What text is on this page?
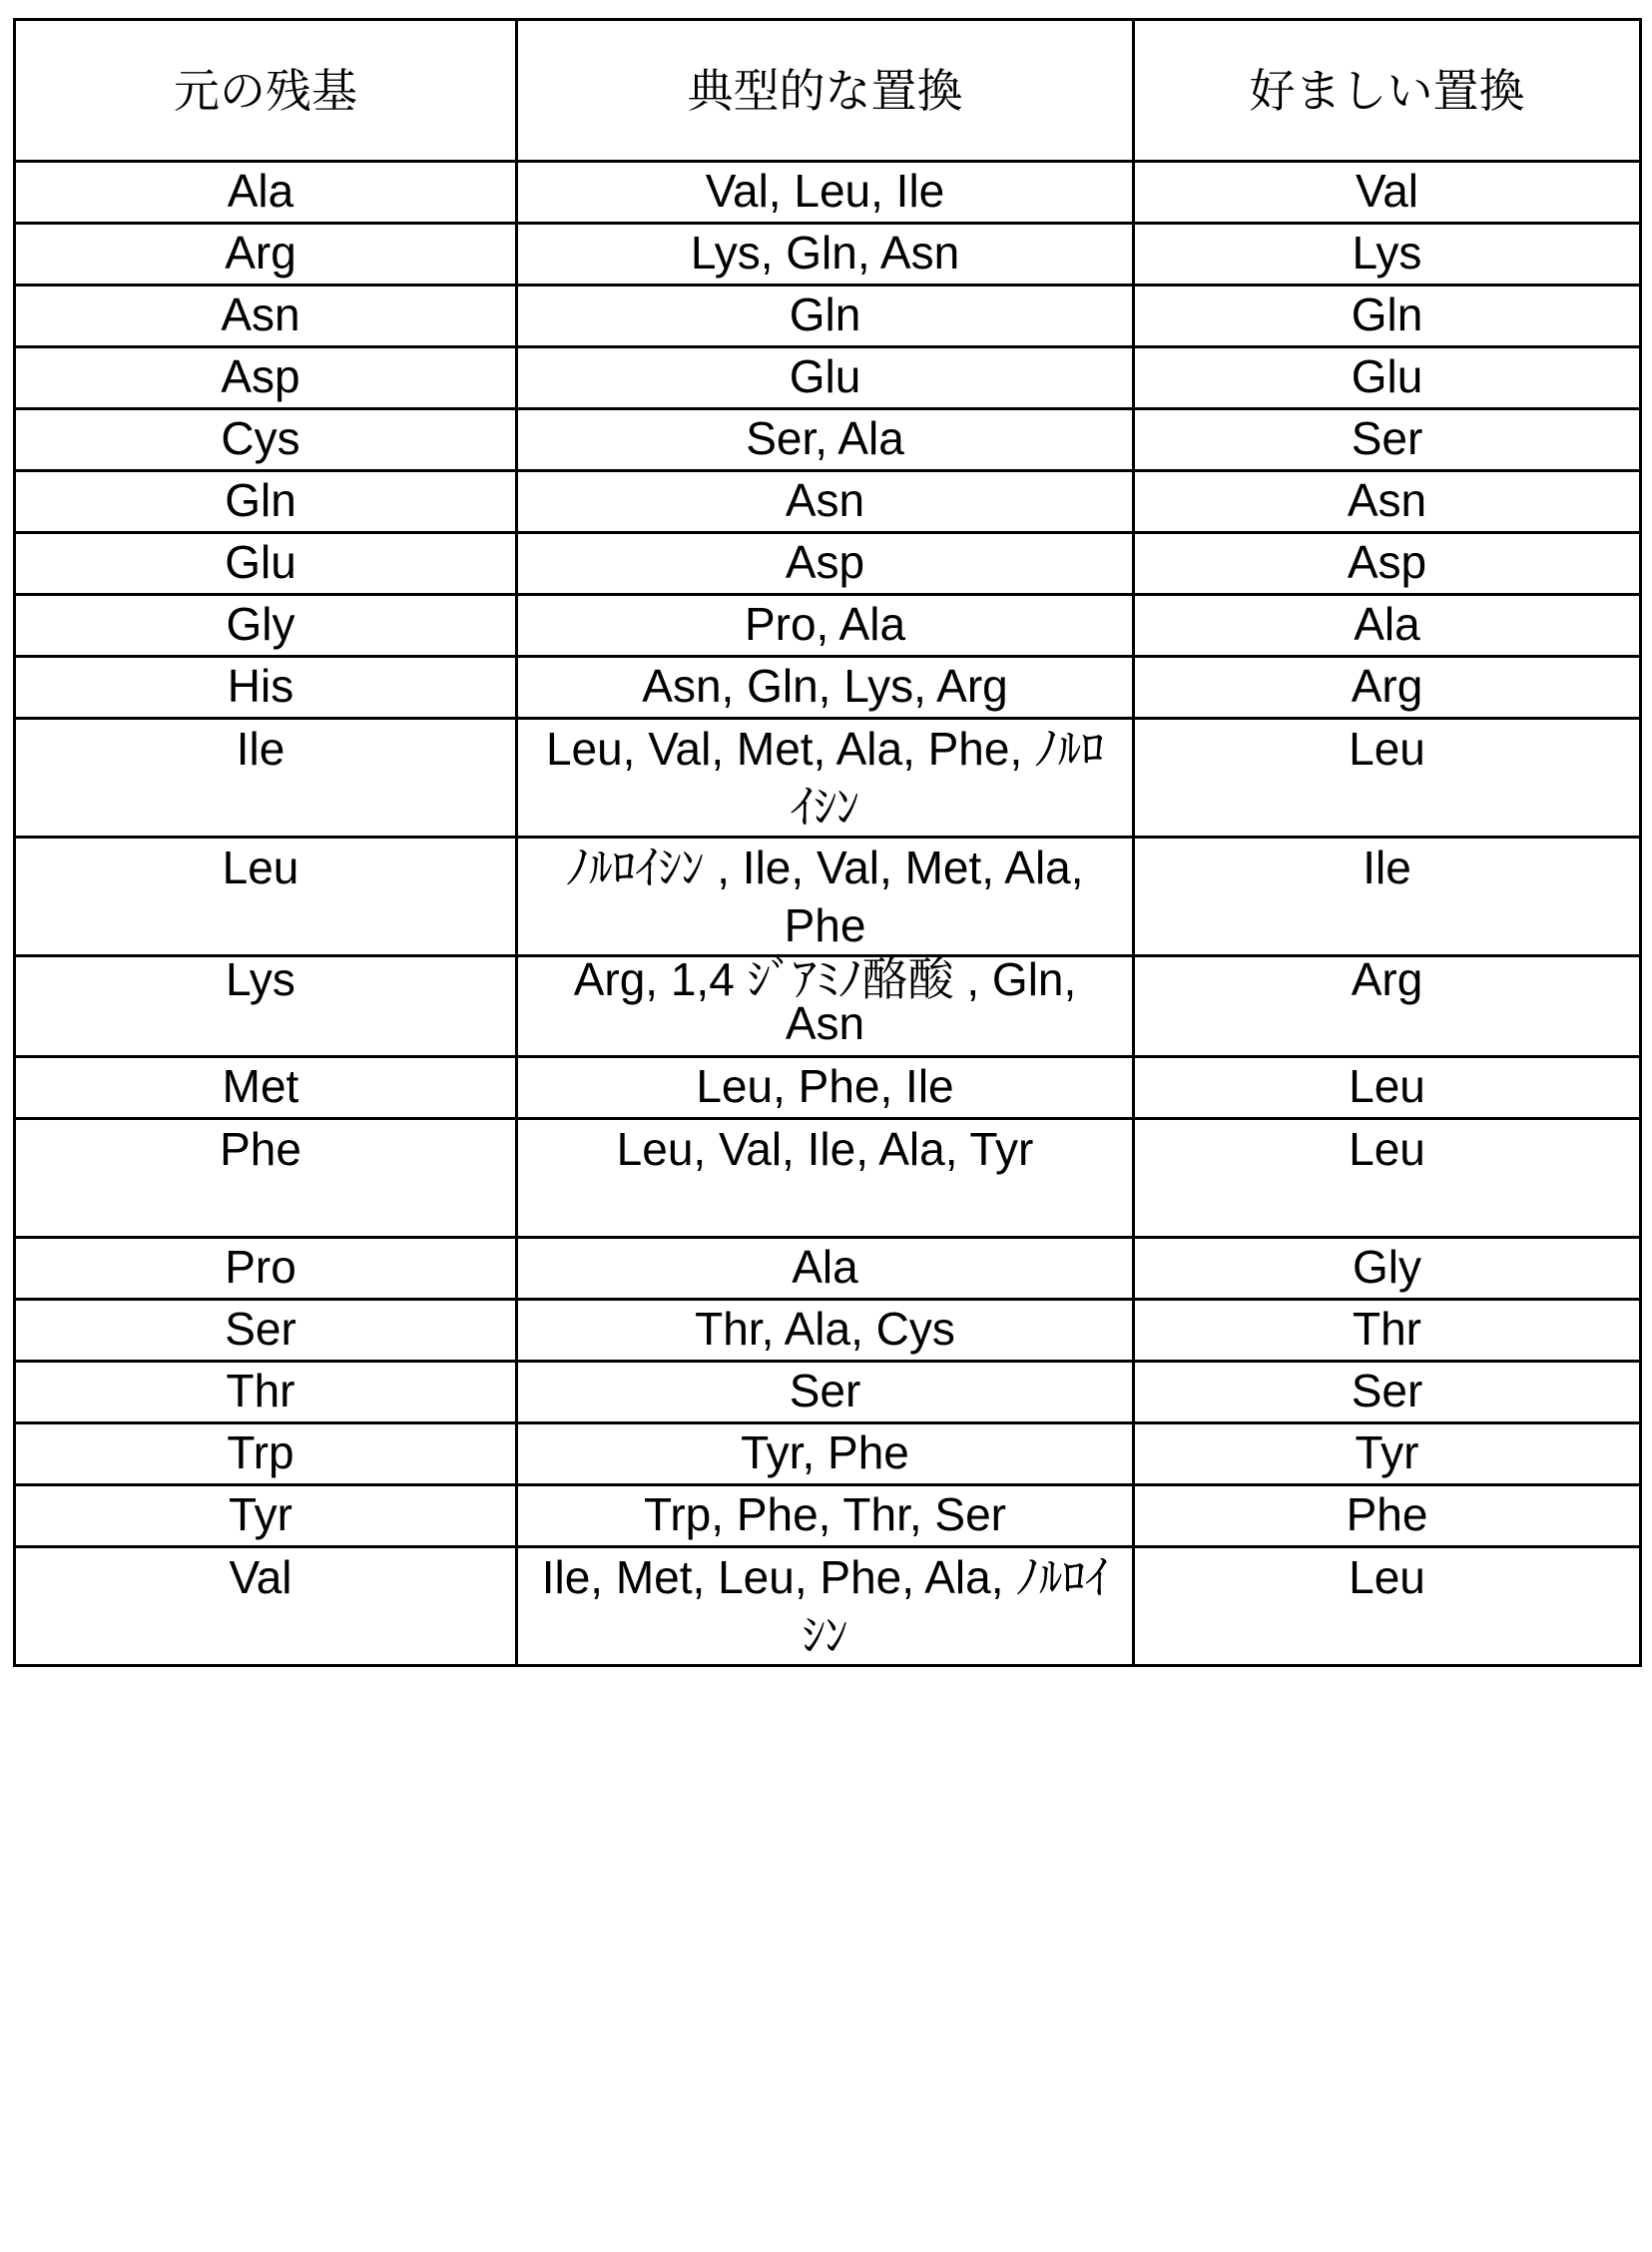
元の残基	典型的な置換	好ましい置換

Ala	Val, Leu, Ile	Val

Arg	Lys, Gln, Asn	Lys

Asn	Gln	Gln

Asp	Glu	Glu

Cys	Ser, Ala	Ser

Gln	Asn	Asn

Glu	Asp	Asp

Gly	Pro, Ala	Ala

His	Asn, Gln, Lys, Arg	Arg

Ile	Leu, Val, Met, Ala, Phe, ﾉﾙﾛｲｼﾝ

Leu

Leu	ﾉﾙﾛｲｼﾝ , Ile, Val, Met, Ala, Phe

Ile

Lys	Arg, 1,4 ｼﾞｱﾐﾉ酪酸 , Gln, Asn

Arg

Met	Leu, Phe, Ile	Leu

Phe	Leu, Val, Ile, Ala, Tyr	Leu

Pro	Ala	Gly

Ser	Thr, Ala, Cys	Thr

Thr	Ser	Ser

Trp	Tyr, Phe	Tyr

Tyr	Trp, Phe, Thr, Ser	Phe

Val	Ile, Met, Leu, Phe, Ala, ﾉﾙﾛｲｼﾝ

Leu
